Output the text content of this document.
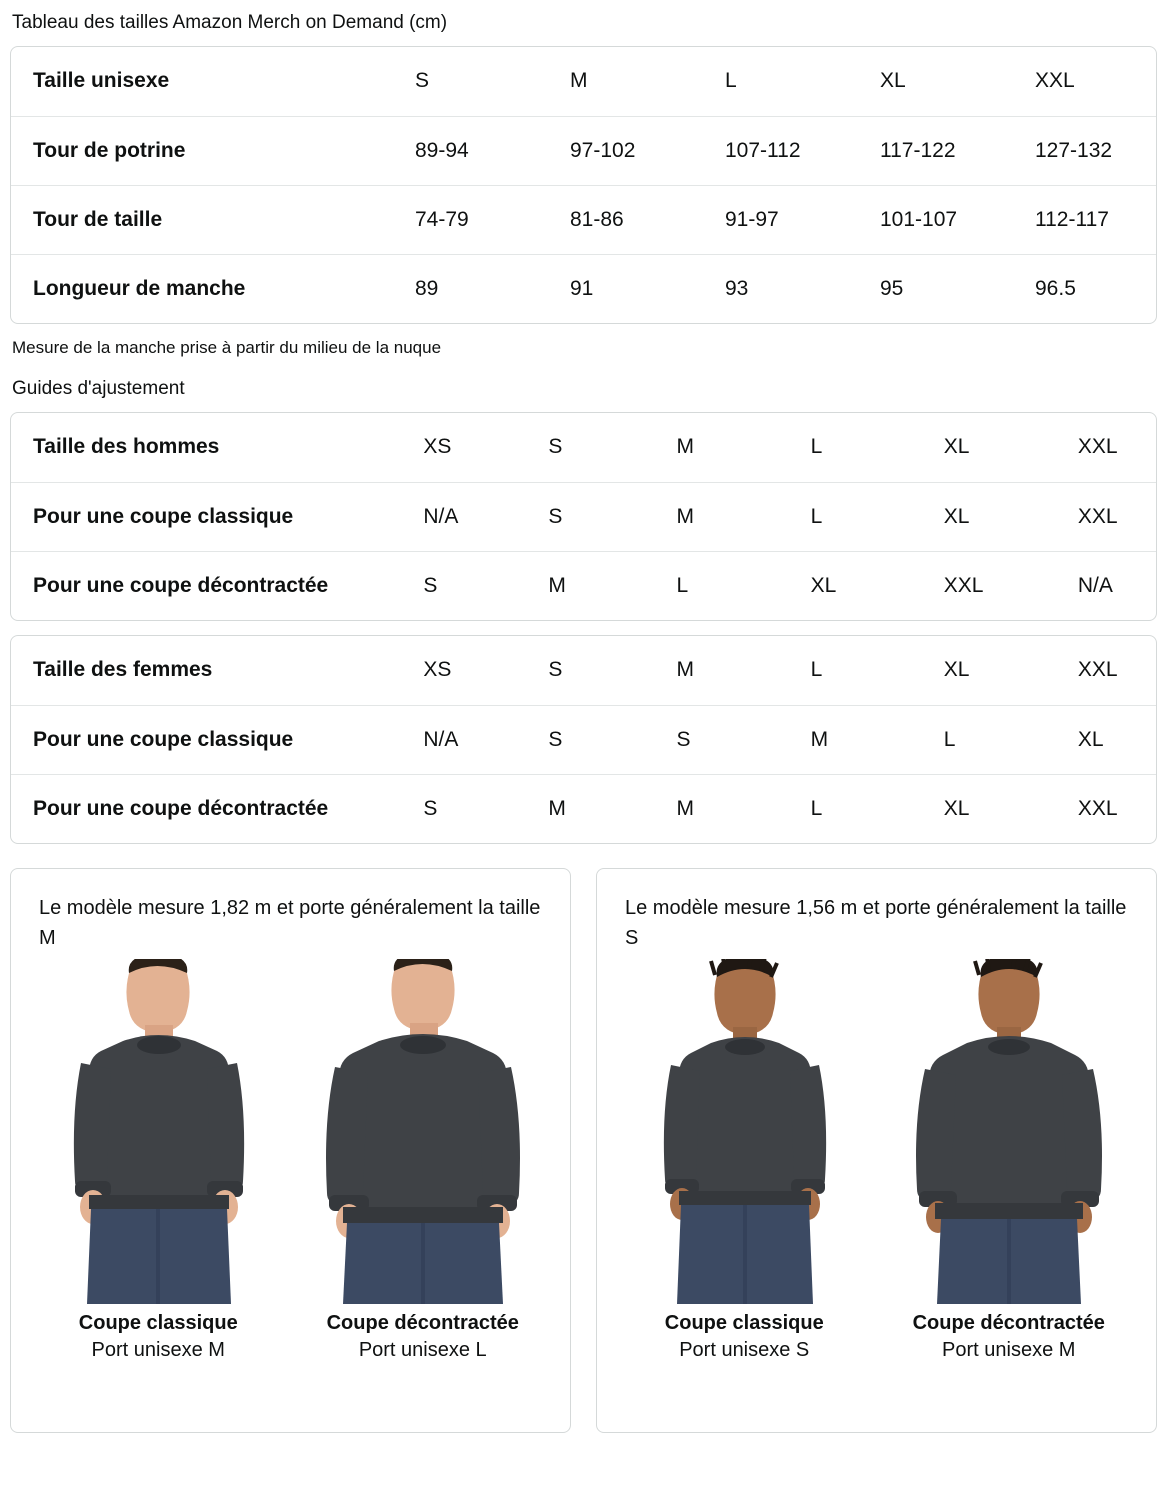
Tableau des tailles Amazon Merch on Demand (cm)
Taille unisexe	S	M	L	XL	XXL
Tour de potrine	89-94	97-102	107-112	117-122	127-132
Tour de taille	74-79	81-86	91-97	101-107	112-117
Longueur de manche	89	91	93	95	96.5
Mesure de la manche prise à partir du milieu de la nuque
Guides d'ajustement
Taille des hommes	XS	S	M	L	XL	XXL
Pour une coupe classique	N/A	S	M	L	XL	XXL
Pour une coupe décontractée	S	M	L	XL	XXL	N/A
Taille des femmes	XS	S	M	L	XL	XXL
Pour une coupe classique	N/A	S	S	M	L	XL
Pour une coupe décontractée	S	M	M	L	XL	XXL
Le modèle mesure 1,82 m et porte généralement la taille M
Coupe classique
Port unisexe M
Coupe décontractée
Port unisexe L
Le modèle mesure 1,56 m et porte généralement la taille S
Coupe classique
Port unisexe S
Coupe décontractée
Port unisexe M
